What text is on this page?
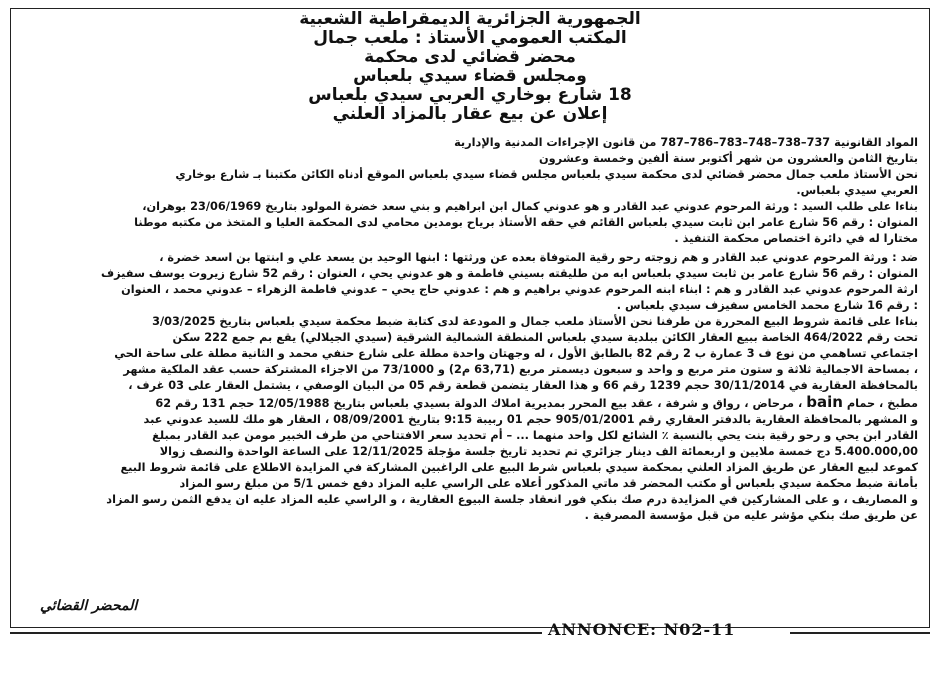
الجمهورية الجزائرية الديمقراطية الشعبية
المكتب العمومي الأستاذ : ملعب جمال
محضر قضائي لدى محكمة
ومجلس قضاء سيدي بلعباس
18 شارع بوخاري العربي سيدي بلعباس
إعلان عن بيع عقار بالمزاد العلني

المواد القانونية 737–738–748–783–786–787 من قانون الإجراءات المدنية والإدارية

بتاريخ الثامن والعشرون من شهر أكتوبر سنة ألفين وخمسة وعشرون

نحن الأستاذ ملعب جمال محضر قضائي لدى محكمة سيدي بلعباس مجلس قضاء سيدي بلعباس الموقع أدناه الكائن مكتبنا بـ شارع بوخاري

العربي سيدي بلعباس.

بناءا على طلب السيد : ورثة المرحوم عدوني عبد القادر و هو عدوني كمال ابن ابراهيم و بني سعد خضرة المولود بتاريخ 23/06/1969 بوهران،

المنوان : رقم 56 شارع عامر ابن ثابت سيدي بلعباس القائم في حقه الأستاذ برياح بومدين محامي لدى المحكمة العليا و المتخذ من مكتبه موطنا

مختارا له في دائرة اختصاص محكمة التنفيذ .

ضد : ورثة المرحوم عدوني عبد القادر و هم زوجته رحو رقية المتوفاة بعده عن ورثتها : ابنها الوحيد بن يسعد علي و ابنتها بن اسعد خضرة ،

المنوان : رقم 56 شارع عامر بن ثابت سيدي بلعباس ابه من طليقته بسيني فاطمة و هو عدوني يحي ، العنوان : رقم 52 شارع زيروت يوسف سفيزف

ارثة المرحوم عدوني عبد القادر و هم : ابناء ابنه المرحوم عدوني براهيم و هم : عدوني حاج يحي – عدوني فاطمة الزهراء – عدوني محمد ، العنوان

: رقم 16 شارع محمد الخامس سفيزف سيدي بلعباس .

بناءا على قائمة شروط البيع المحررة من طرفنا نحن الأستاذ ملعب جمال و المودعة لدى كتابة ضبط محكمة سيدي بلعباس بتاريخ 3/03/2025

تحت رقم 464/2022 الخاصة ببيع العقار الكائن ببلدية سيدي بلعباس المنطقة الشمالية الشرقية (سيدي الجيلالي) يقع بم جمع 222 سكن

اجتماعي تساهمي من نوع ف 3 عمارة ب 2 رقم 82 بالطابق الأول ، له وجهتان واحدة مطلة على شارع حنفي محمد و الثانية مطلة على ساحة الحي

، بمساحة الاجمالية ثلاثة و ستون متر مربع و واحد و سبعون ديسمتر مربع (63,71 م2) و 73/1000 من الاجزاء المشتركة حسب عقد الملكية مشهر

بالمحافظة العقارية في 30/11/2014 حجم 1239 رقم 66 و هذا العقار يتضمن قطعة رقم 05 من البيان الوصفي ، يشتمل العقار على 03 غرف ،

مطبخ ، حمام bain ، مرحاض ، رواق و شرفة ، عقد بيع المحرر بمديرية املاك الدولة بسيدي بلعباس بتاريخ 12/05/1988 حجم 131 رقم 62

و المشهر بالمحافظة العقارية بالدفتر العقاري رقم 905/01/2001 حجم 01 ربيبة 9:15 بتاريخ 08/09/2001 ، العقار هو ملك للسيد عدوني عبد

القادر ابن يحي و رحو رقية بنت يحي بالنسبة ٪ الشائع لكل واحد منهما ... – أم تحديد سعر الافتتاحي من طرف الخبير مومن عبد القادر بمبلغ

5.400.000,00 دج خمسة ملايين و اربعمائة الف دينار جزائري تم تحديد تاريخ جلسة مؤجلة 12/11/2025 على الساعة الواحدة والنصف زوالا

كموعد لبيع العقار عن طريق المزاد العلني بمحكمة سيدي بلعباس شرط البيع على الراغبين المشاركة في المزايدة الاطلاع على قائمة شروط البيع

بأمانة ضبط محكمة سيدي بلعباس أو مكتب المحضر قد ماتي المذكور أعلاه على الراسي عليه المزاد دفع خمس 5/1 من مبلغ رسو المزاد

و المصاريف ، و على المشاركين في المزايدة درم صك بنكي فور انعقاد جلسة البيوع العقارية ، و الراسي عليه المزاد عليه ان يدفع الثمن رسو المزاد

عن طريق صك بنكي مؤشر عليه من قبل مؤسسة المصرفية .

المحضر القضائي
ANNONCE: N02-11
